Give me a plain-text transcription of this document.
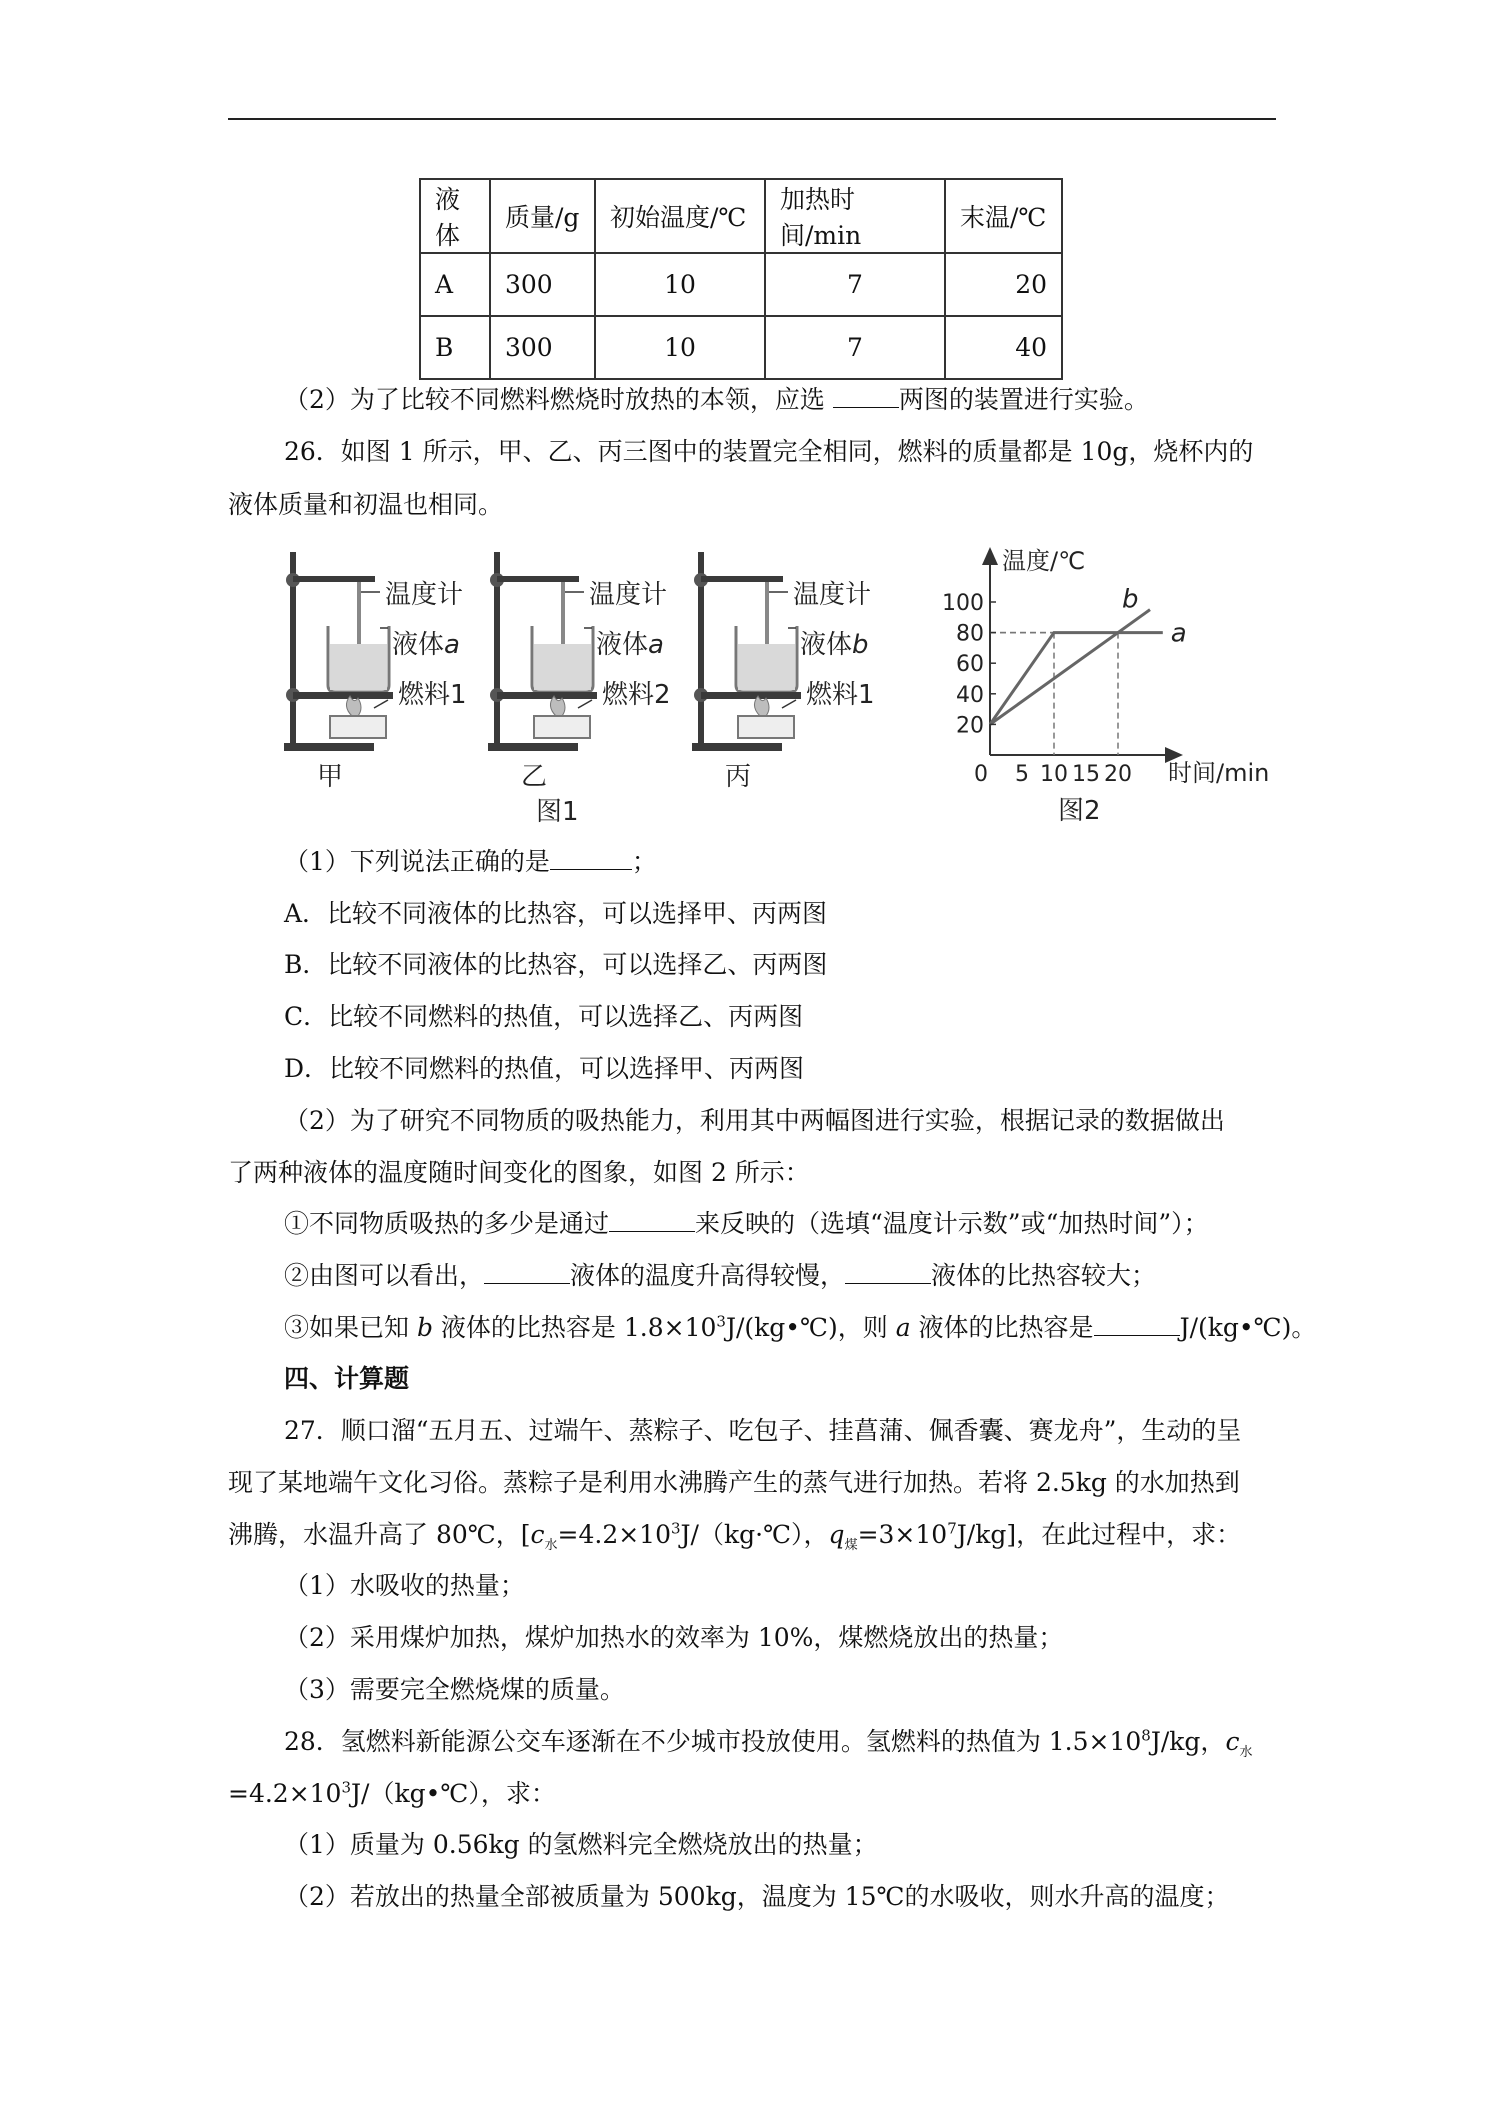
液体	质量/g	初始温度/℃	加热时间/min	末温/℃
A	300	10	7	20
B	300	10	7	40
（2）为了比较不同燃料燃烧时放热的本领，应选	两图的装置进行实验。
26．如图 1 所示，甲、乙、丙三图中的装置完全相同，燃料的质量都是 10g，烧杯内的
液体质量和初温也相同。
温度计
液体a
燃料1
甲
温度计
液体a
燃料2
乙
温度计
液体b
燃料1
丙
图1
a
b
0 5 10 15 20
20
40
60
80
100
温度/℃
时间/min
图2
（1）下列说法正确的是	；
A．比较不同液体的比热容，可以选择甲、丙两图
B．比较不同液体的比热容，可以选择乙、丙两图
C．比较不同燃料的热值，可以选择乙、丙两图
D．比较不同燃料的热值，可以选择甲、丙两图
（2）为了研究不同物质的吸热能力，利用其中两幅图进行实验，根据记录的数据做出
了两种液体的温度随时间变化的图象，如图 2 所示：
①不同物质吸热的多少是通过	来反映的（选填“温度计示数”或“加热时间”）；
②由图可以看出，	液体的温度升高得较慢，	液体的比热容较大；
③如果已知 b 液体的比热容是 $1.8\times 10^3J/(kg•℃)$，则 a 液体的比热容是	J/(kg•℃)。
四、计算题
27．顺口溜“五月五、过端午、蒸粽子、吃包子、挂菖蒲、佩香囊、赛龙舟”，生动的呈
现了某地端午文化习俗。蒸粽子是利用水沸腾产生的蒸气进行加热。若将 2.5kg 的水加热到
沸腾，水温升高了 80℃，[$c_水=4.2\times 10^3J/(kg\cdot℃)$，$q_煤=3\times 10^7J/kg$]，在此过程中，求：
（1）水吸收的热量；
（2）采用煤炉加热，煤炉加热水的效率为 10%，煤燃烧放出的热量；
（3）需要完全燃烧煤的质量。
28．氢燃料新能源公交车逐渐在不少城市投放使用。氢燃料的热值为 $1.5\times 10^8J/kg$，$c_水$
$=4.2\times 10^3J/(kg•℃)$，求：
（1）质量为 0.56kg 的氢燃料完全燃烧放出的热量；
（2）若放出的热量全部被质量为 500kg，温度为 15℃的水吸收，则水升高的温度；
